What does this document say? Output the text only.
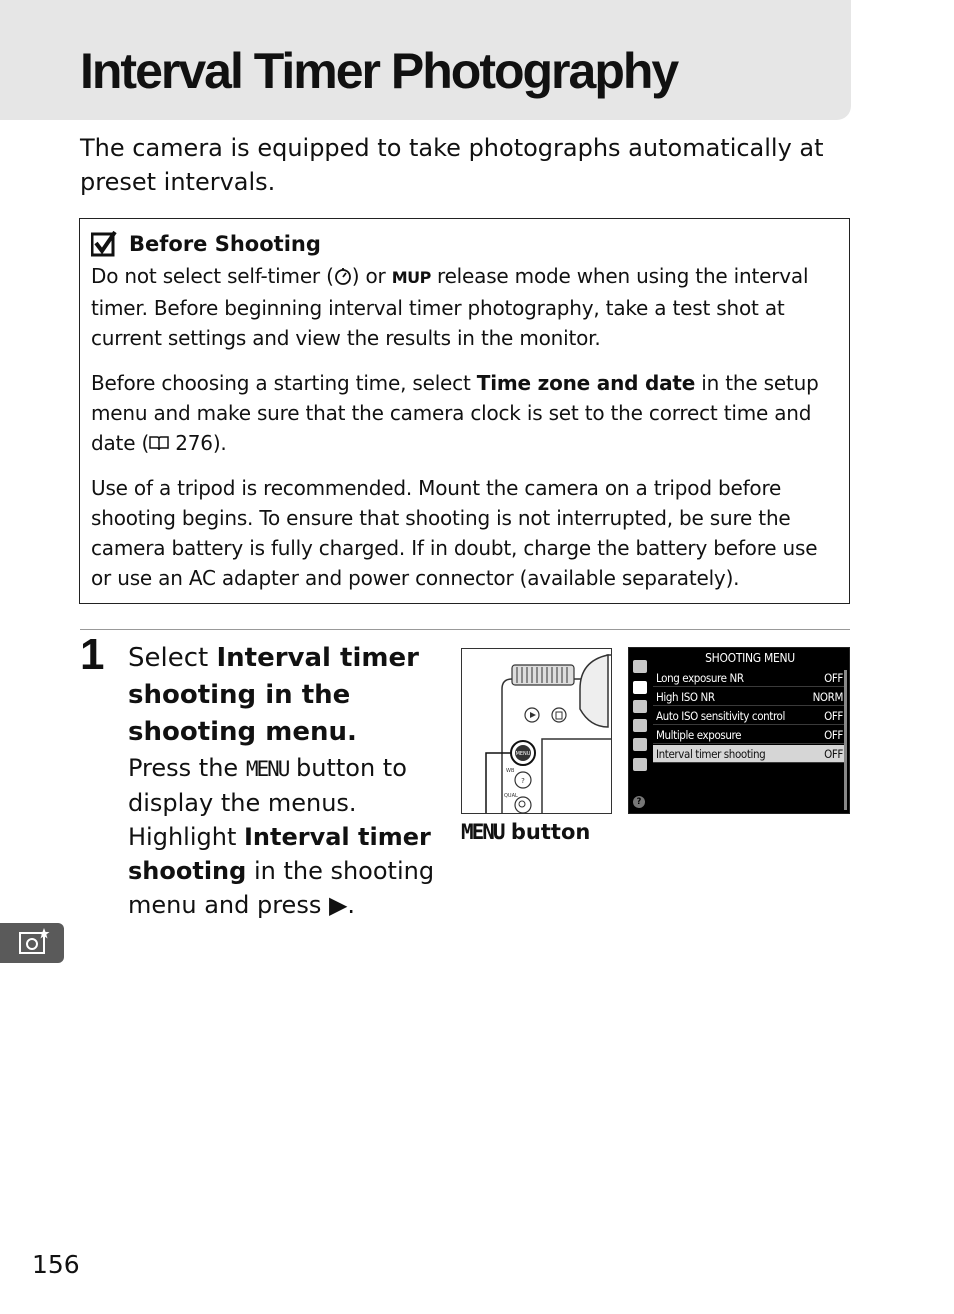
Interval Timer Photography

The camera is equipped to take photographs automatically at preset intervals.

Before Shooting

Do not select self-timer ( ) or MUP release mode when using the interval timer. Before beginning interval timer photography, take a test shot at current settings and view the results in the monitor.

Before choosing a starting time, select Time zone and date in the setup menu and make sure that the camera clock is set to the correct time and date ( 276).

Use of a tripod is recommended. Mount the camera on a tripod before shooting begins. To ensure that shooting is not interrupted, be sure the camera battery is fully charged. If in doubt, charge the battery before use or use an AC adapter and power connector (available separately).

1 Select Interval timer shooting in the shooting menu.

Press the MENU button to display the menus. Highlight Interval timer shooting in the shooting menu and press ▶.

MENU
WB
?
QUAL
MENU button
SHOOTING MENU
Long exposure NR	OFF
High ISO NR	NORM
Auto ISO sensitivity control	OFF
Multiple exposure	OFF
Interval timer shooting	OFF
?
156
